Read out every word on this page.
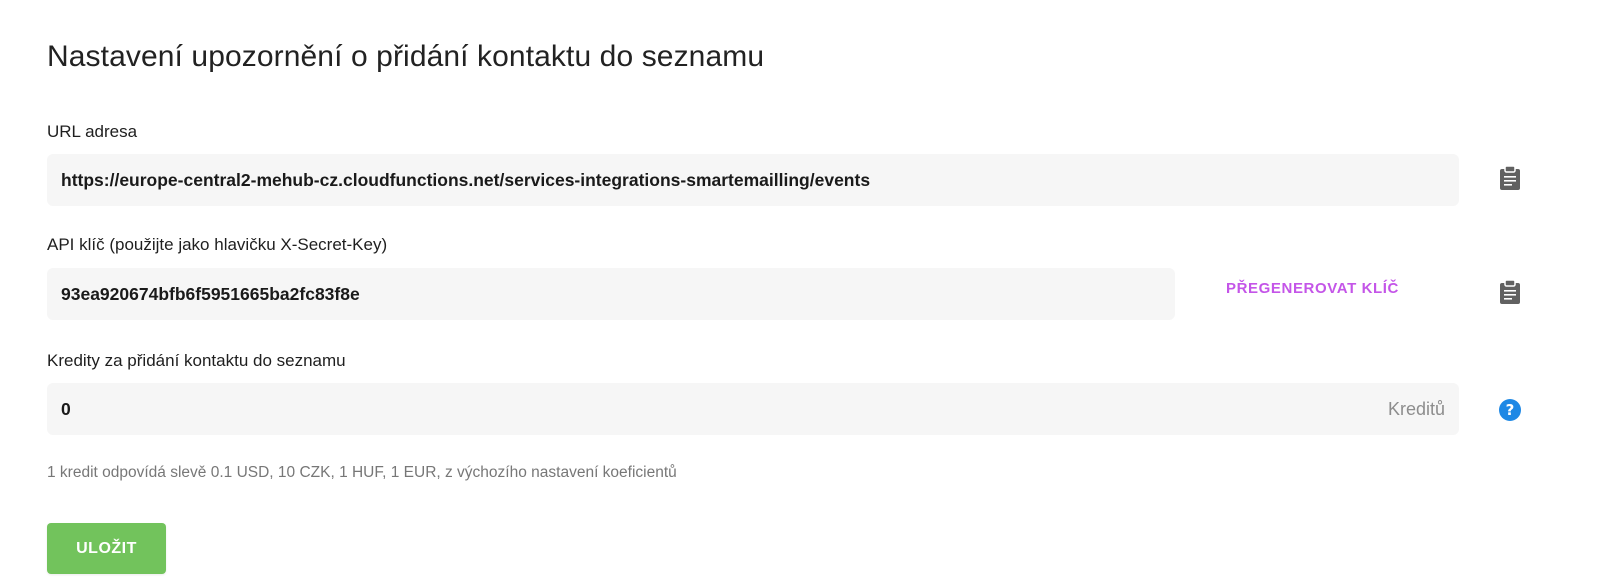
Nastavení upozornění o přidání kontaktu do seznamu
URL adresa
https://europe-central2-mehub-cz.cloudfunctions.net/services-integrations-smartemailling/events
API klíč (použijte jako hlavičku X-Secret-Key)
93ea920674bfb6f5951665ba2fc83f8e	PŘEGENEROVAT KLÍČ
Kredity za přidání kontaktu do seznamu
0	Kreditů	?
1 kredit odpovídá slevě 0.1 USD, 10 CZK, 1 HUF, 1 EUR, z výchozího nastavení koeficientů
ULOŽIT
